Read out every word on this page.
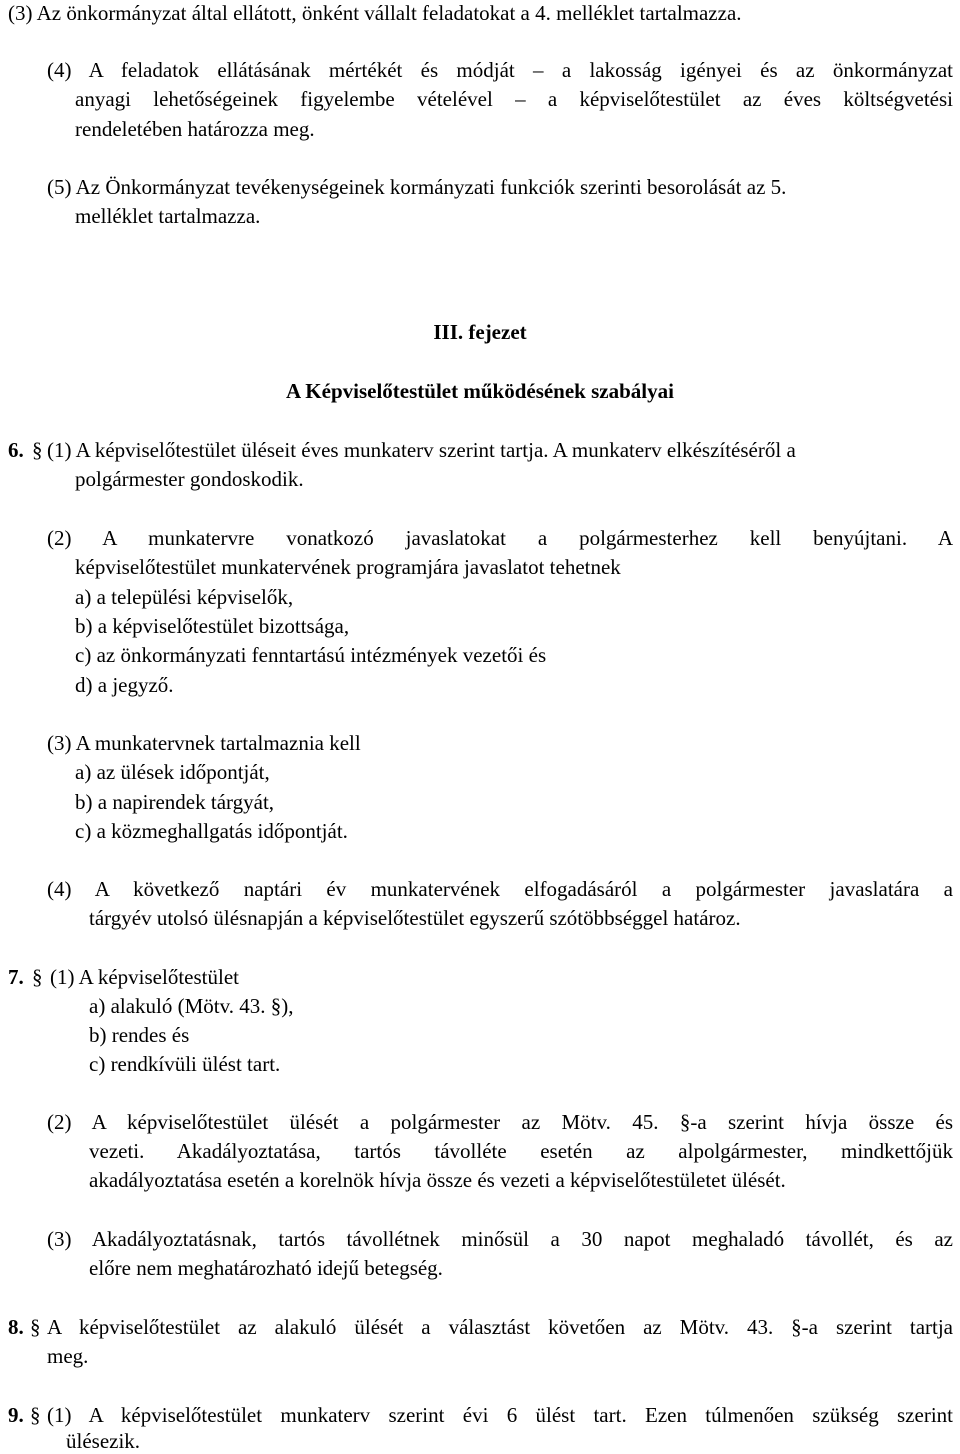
(3) Az önkormányzat által ellátott, önként vállalt feladatokat a 4. melléklet tartalmazza.
(4) A feladatok ellátásának mértékét és módját – a lakosság igényei és az önkormányzat
anyagi lehetőségeinek figyelembe vételével – a képviselőtestület az éves költségvetési
rendeletében határozza meg.
(5) Az Önkormányzat tevékenységeinek kormányzati funkciók szerinti besorolását az 5.
melléklet tartalmazza.
III. fejezet
A Képviselőtestület működésének szabályai
6. § (1) A képviselőtestület üléseit éves munkaterv szerint tartja. A munkaterv elkészítéséről a
polgármester gondoskodik.
(2) A munkatervre vonatkozó javaslatokat a polgármesterhez kell benyújtani. A
képviselőtestület munkatervének programjára javaslatot tehetnek
a) a települési képviselők,
b) a képviselőtestület bizottsága,
c) az önkormányzati fenntartású intézmények vezetői és
d) a jegyző.
(3) A munkatervnek tartalmaznia kell
a) az ülések időpontját,
b) a napirendek tárgyát,
c) a közmeghallgatás időpontját.
(4) A következő naptári év munkatervének elfogadásáról a polgármester javaslatára a
tárgyév utolsó ülésnapján a képviselőtestület egyszerű szótöbbséggel határoz.
7. § (1) A képviselőtestület
a) alakuló (Mötv. 43. §),
b) rendes és
c) rendkívüli ülést tart.
(2) A képviselőtestület ülését a polgármester az Mötv. 45. §-a szerint hívja össze és
vezeti. Akadályoztatása, tartós távolléte esetén az alpolgármester, mindkettőjük
akadályoztatása esetén a korelnök hívja össze és vezeti a képviselőtestületet ülését.
(3) Akadályoztatásnak, tartós távollétnek minősül a 30 napot meghaladó távollét, és az
előre nem meghatározható idejű betegség.
8. § A képviselőtestület az alakuló ülését a választást követően az Mötv. 43. §-a szerint tartja
meg.
9. § (1) A képviselőtestület munkaterv szerint évi 6 ülést tart. Ezen túlmenően szükség szerint
ülésezik.
